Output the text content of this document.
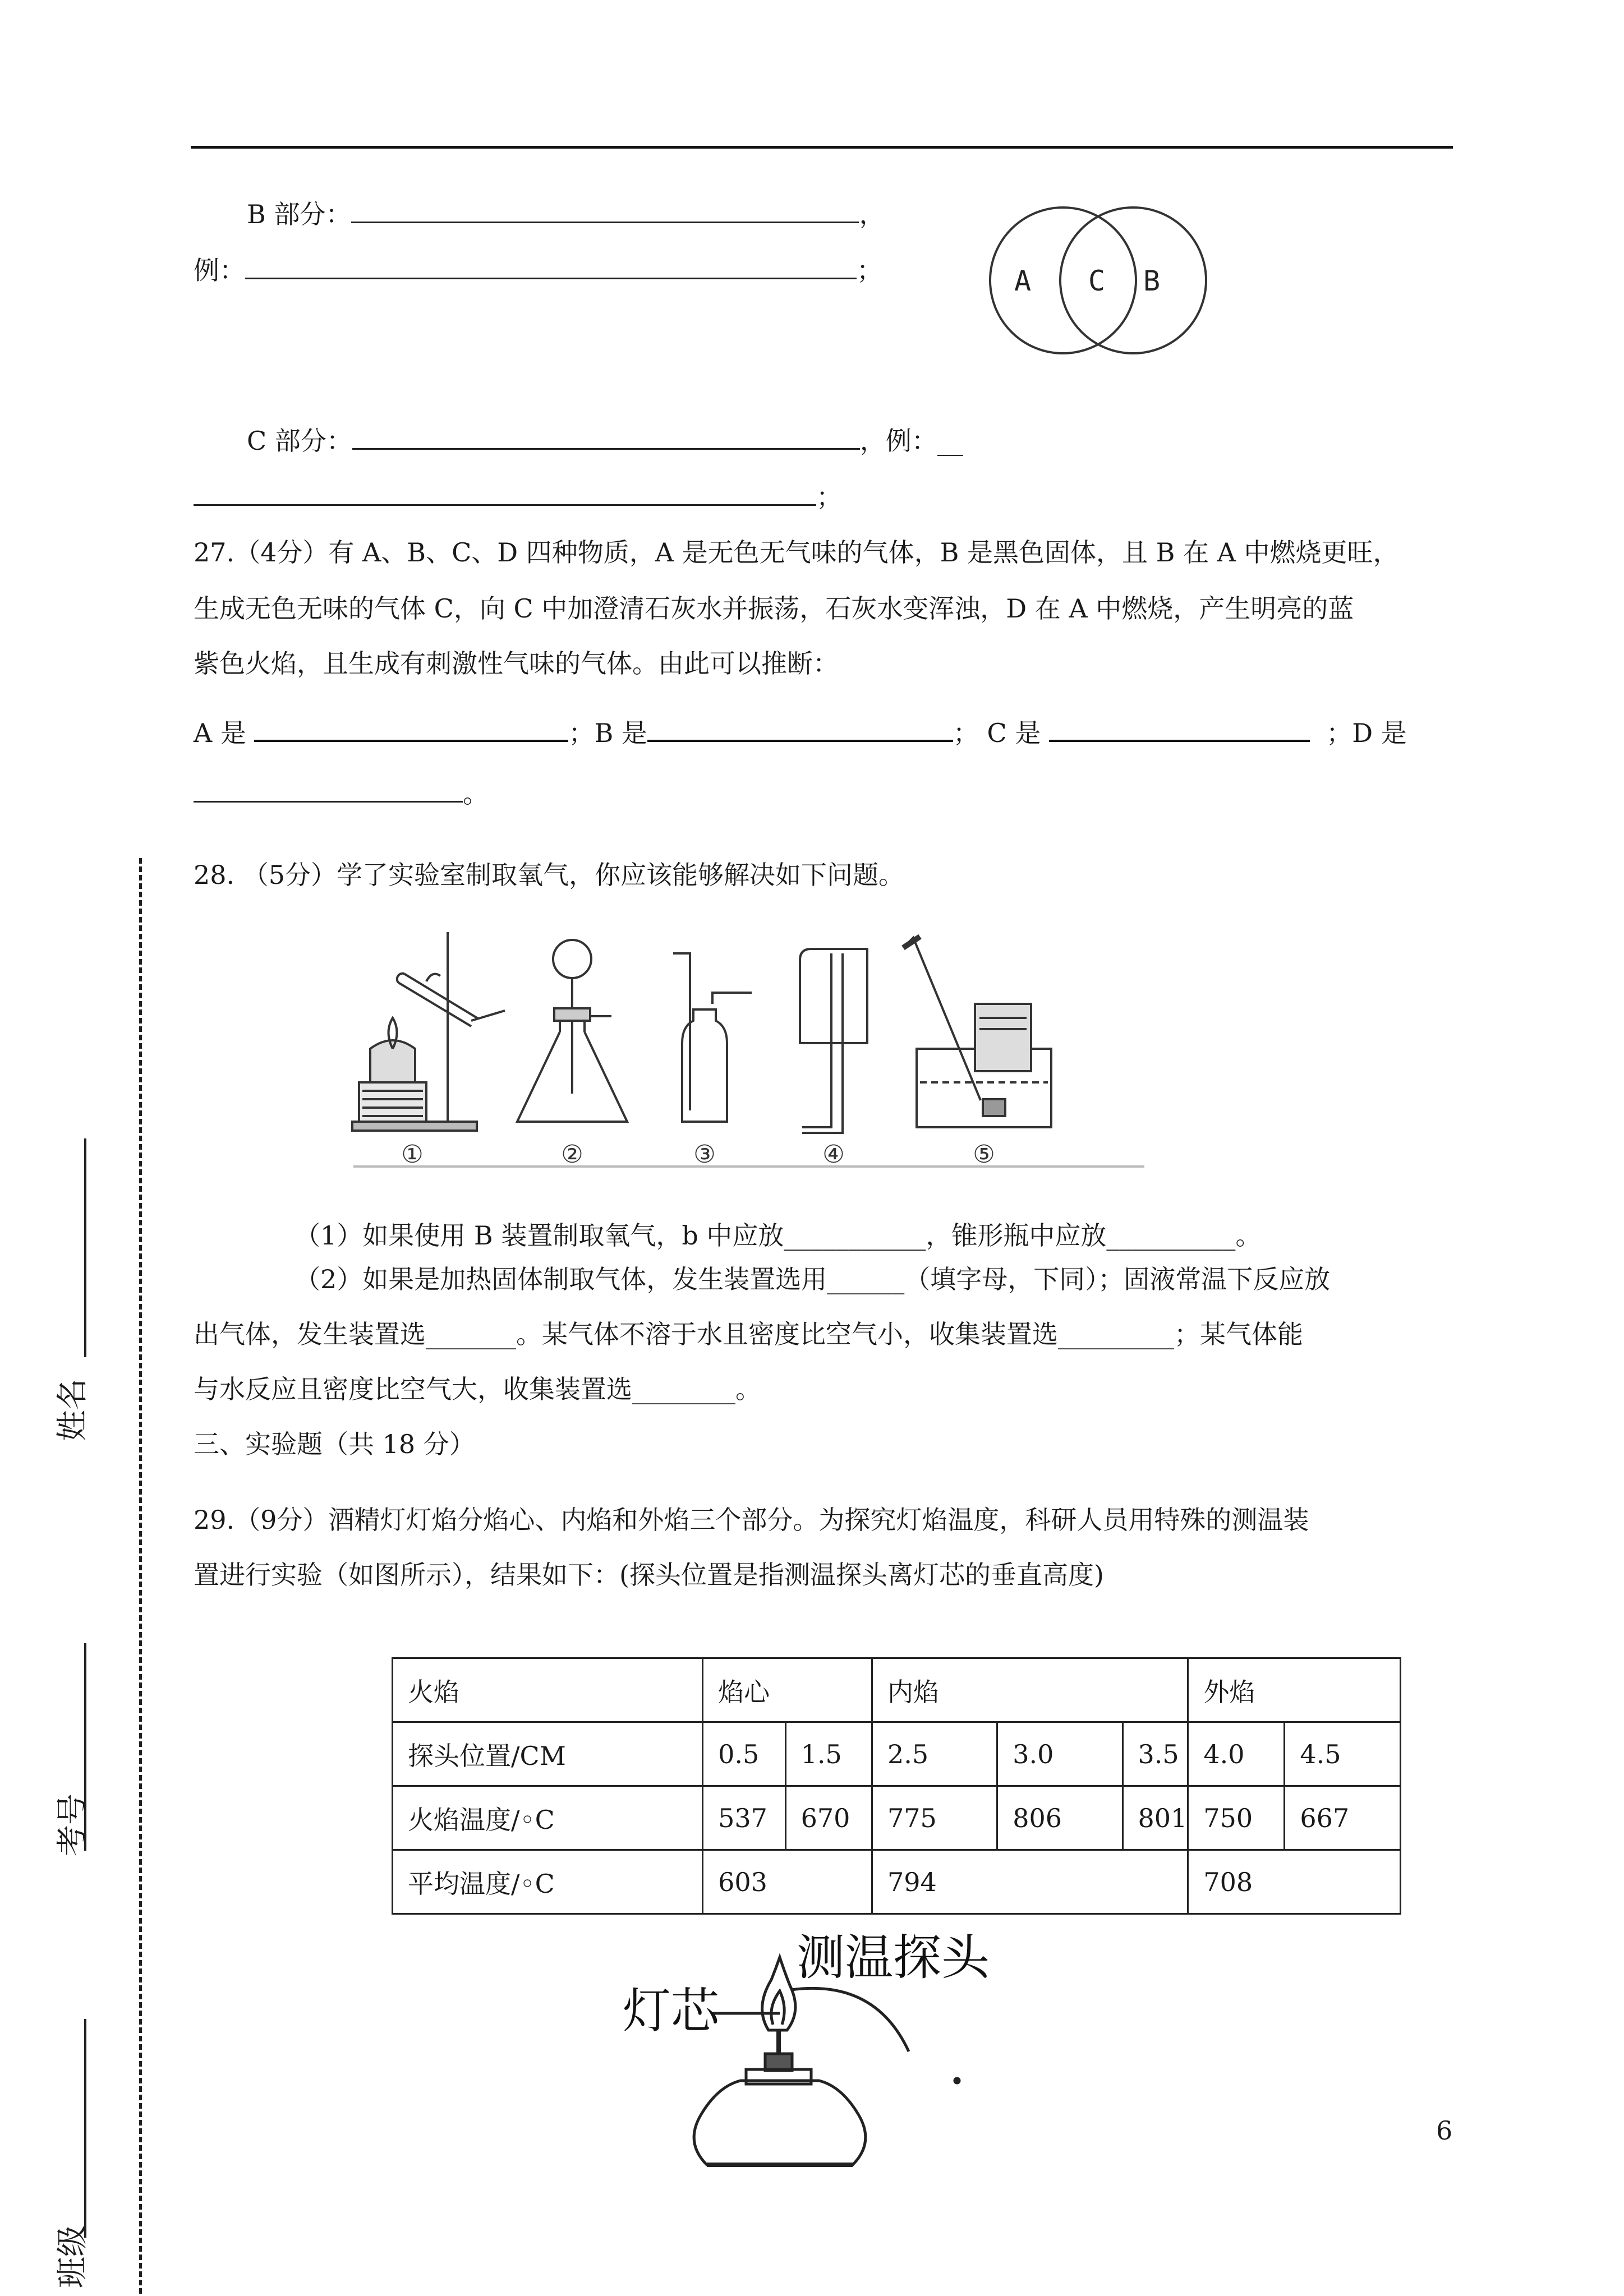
B 部分：	，
例：	；	A C B
C 部分：	，例：__
；
27.（4分）有 A、B、C、D 四种物质，A 是无色无气味的气体，B 是黑色固体，且 B 在 A 中燃烧更旺，
生成无色无味的气体 C，向 C 中加澄清石灰水并振荡，石灰水变浑浊，D 在 A 中燃烧，产生明亮的蓝
紫色火焰，且生成有刺激性气味的气体。由此可以推断：
A 是	；B 是	； C 是	；D 是
。
28. （5分）学了实验室制取氧气，你应该能够解决如下问题。
①	②	③	④	⑤
（1）如果使用 B 装置制取氧气，b 中应放___________，锥形瓶中应放__________。
（2）如果是加热固体制取气体，发生装置选用______（填字母，下同）；固液常温下反应放
出气体，发生装置选_______。某气体不溶于水且密度比空气小，收集装置选_________；某气体能
与水反应且密度比空气大，收集装置选________。
三、实验题（共 18 分）
29.（9分）酒精灯灯焰分焰心、内焰和外焰三个部分。为探究灯焰温度，科研人员用特殊的测温装
置进行实验（如图所示），结果如下：(探头位置是指测温探头离灯芯的垂直高度)
火焰	焰心		内焰			外焰	
探头位置/CM	0.5	1.5	2.5	3.0	3.5	4.0	4.5
火焰温度/◦C	537	670	775	806	801	750	667
平均温度/◦C	603		794			708	
测温探头
灯芯
6
姓名
考号
班级
